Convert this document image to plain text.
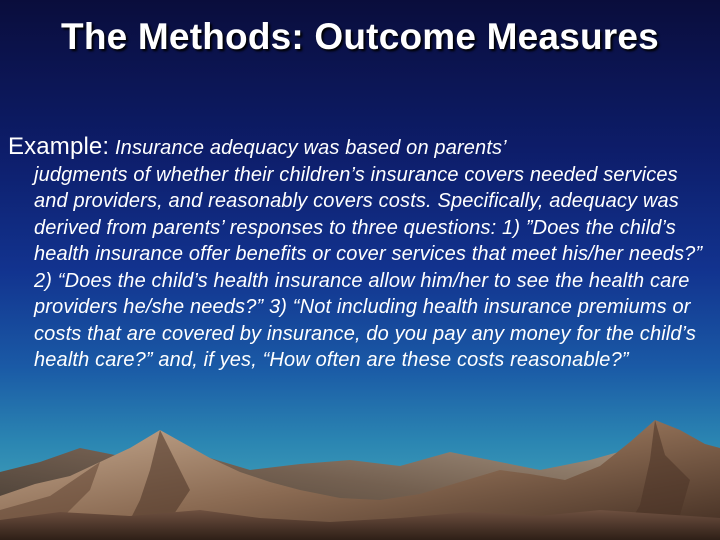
The Methods: Outcome Measures
Example: Insurance adequacy was based on parents’
judgments of whether their children’s insurance covers needed services and providers, and reasonably covers costs. Specifically, adequacy was derived from parents’ responses to three questions: 1) ”Does the child’s health insurance offer benefits or cover services that meet his/her needs?” 2) “Does the child’s health insurance allow him/her to see the health care providers he/she needs?” 3) “Not including health insurance premiums or costs that are covered by insurance, do you pay any money for the child’s health care?” and, if yes, “How often are these costs reasonable?”
